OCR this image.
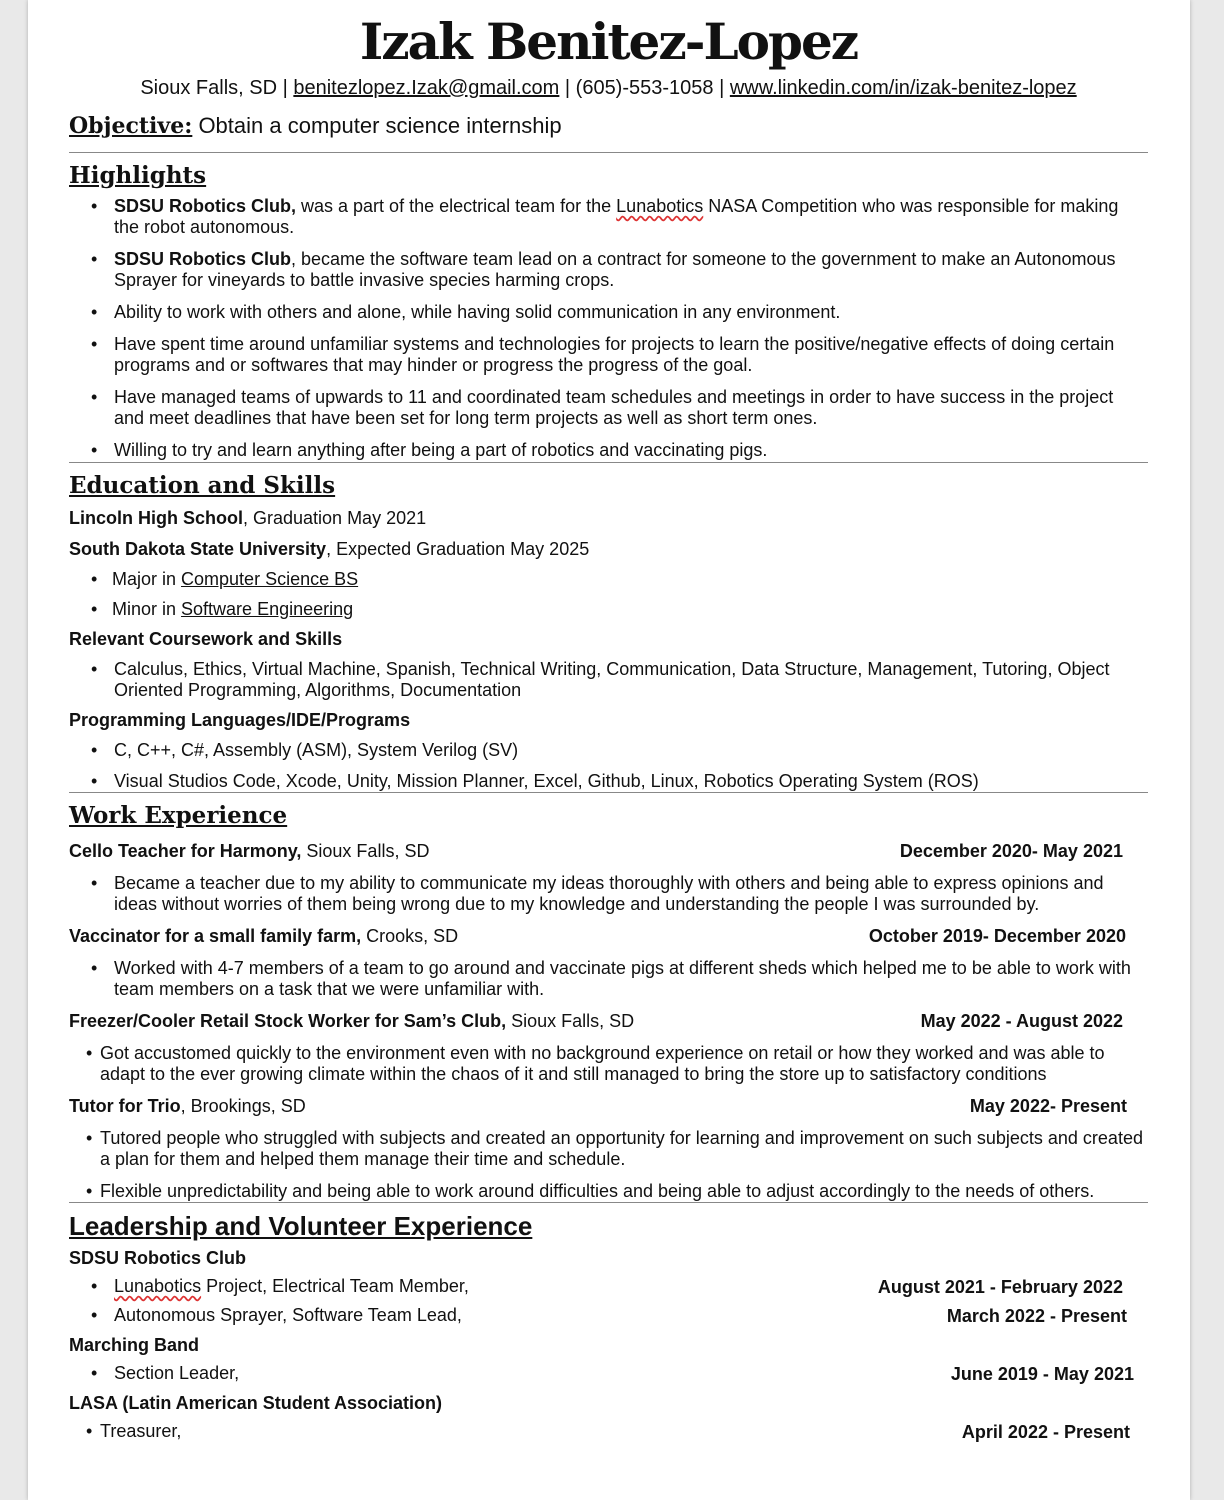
Izak Benitez-Lopez
Sioux Falls, SD | benitezlopez.Izak@gmail.com | (605)-553-1058 | www.linkedin.com/in/izak-benitez-lopez
Objective: Obtain a computer science internship
Highlights
• SDSU Robotics Club, was a part of the electrical team for the Lunabotics NASA Competition who was responsible for making the robot autonomous.
• SDSU Robotics Club, became the software team lead on a contract for someone to the government to make an Autonomous Sprayer for vineyards to battle invasive species harming crops.
• Ability to work with others and alone, while having solid communication in any environment.
• Have spent time around unfamiliar systems and technologies for projects to learn the positive/negative effects of doing certain programs and or softwares that may hinder or progress the progress of the goal.
• Have managed teams of upwards to 11 and coordinated team schedules and meetings in order to have success in the project and meet deadlines that have been set for long term projects as well as short term ones.
• Willing to try and learn anything after being a part of robotics and vaccinating pigs.
Education and Skills
Lincoln High School, Graduation May 2021
South Dakota State University, Expected Graduation May 2025
• Major in Computer Science BS
• Minor in Software Engineering
Relevant Coursework and Skills
• Calculus, Ethics, Virtual Machine, Spanish, Technical Writing, Communication, Data Structure, Management, Tutoring, Object Oriented Programming, Algorithms, Documentation
Programming Languages/IDE/Programs
• C, C++, C#, Assembly (ASM), System Verilog (SV)
• Visual Studios Code, Xcode, Unity, Mission Planner, Excel, Github, Linux, Robotics Operating System (ROS)
Work Experience
Cello Teacher for Harmony, Sioux Falls, SD	December 2020- May 2021
• Became a teacher due to my ability to communicate my ideas thoroughly with others and being able to express opinions and ideas without worries of them being wrong due to my knowledge and understanding the people I was surrounded by.
Vaccinator for a small family farm, Crooks, SD	October 2019- December 2020
• Worked with 4-7 members of a team to go around and vaccinate pigs at different sheds which helped me to be able to work with team members on a task that we were unfamiliar with.
Freezer/Cooler Retail Stock Worker for Sam’s Club, Sioux Falls, SD	May 2022 - August 2022
• Got accustomed quickly to the environment even with no background experience on retail or how they worked and was able to adapt to the ever growing climate within the chaos of it and still managed to bring the store up to satisfactory conditions
Tutor for Trio, Brookings, SD	May 2022- Present
• Tutored people who struggled with subjects and created an opportunity for learning and improvement on such subjects and created a plan for them and helped them manage their time and schedule.
• Flexible unpredictability and being able to work around difficulties and being able to adjust accordingly to the needs of others.
Leadership and Volunteer Experience
SDSU Robotics Club
• Lunabotics Project, Electrical Team Member,	August 2021 - February 2022
• Autonomous Sprayer, Software Team Lead,	March 2022 - Present
Marching Band
• Section Leader,	June 2019 - May 2021
LASA (Latin American Student Association)
• Treasurer,	April 2022 - Present
